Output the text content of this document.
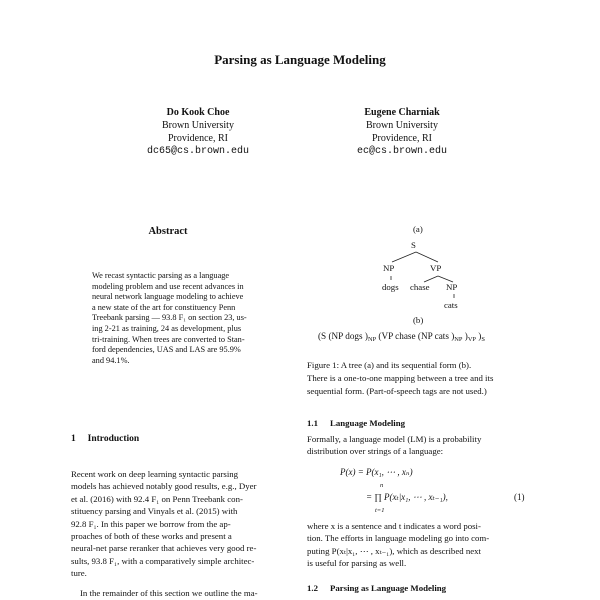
Parsing as Language Modeling
Do Kook Choe
Brown University
Providence, RI
dc65@cs.brown.edu
Eugene Charniak
Brown University
Providence, RI
ec@cs.brown.edu
Abstract
We recast syntactic parsing as a language
modeling problem and use recent advances in
neural network language modeling to achieve
a new state of the art for constituency Penn
Treebank parsing — 93.8 F₁ on section 23, us-
ing 2-21 as training, 24 as development, plus
tri-training. When trees are converted to Stan-
ford dependencies, UAS and LAS are 95.9%
and 94.1%.
1 Introduction
Recent work on deep learning syntactic parsing
models has achieved notably good results, e.g., Dyer
et al. (2016) with 92.4 F₁ on Penn Treebank con-
stituency parsing and Vinyals et al. (2015) with
92.8 F₁. In this paper we borrow from the ap-
proaches of both of these works and present a
neural-net parse reranker that achieves very good re-
sults, 93.8 F₁, with a comparatively simple architec-
ture.
In the remainder of this section we outline the ma-
(a)
S
NP	VP
dogs chase NP
cats
(b)
(S (NP dogs )$_{NP}$ (VP chase (NP cats )$_{NP}$ )$_{VP}$ )$_S$
Figure 1: A tree (a) and its sequential form (b).
There is a one-to-one mapping between a tree and its
sequential form. (Part-of-speech tags are not used.)
1.1 Language Modeling
Formally, a language model (LM) is a probability
distribution over strings of a language:
P(x) = P(x₁, ⋯ , xₙ)
n
= ∏ P(xₜ|x₁, ⋯ , xₜ₋₁),
t=1
(1)
where x is a sentence and t indicates a word posi-
tion. The efforts in language modeling go into com-
puting P(xₜ|x₁, ⋯ , xₜ₋₁), which as described next
is useful for parsing as well.
1.2 Parsing as Language Modeling
